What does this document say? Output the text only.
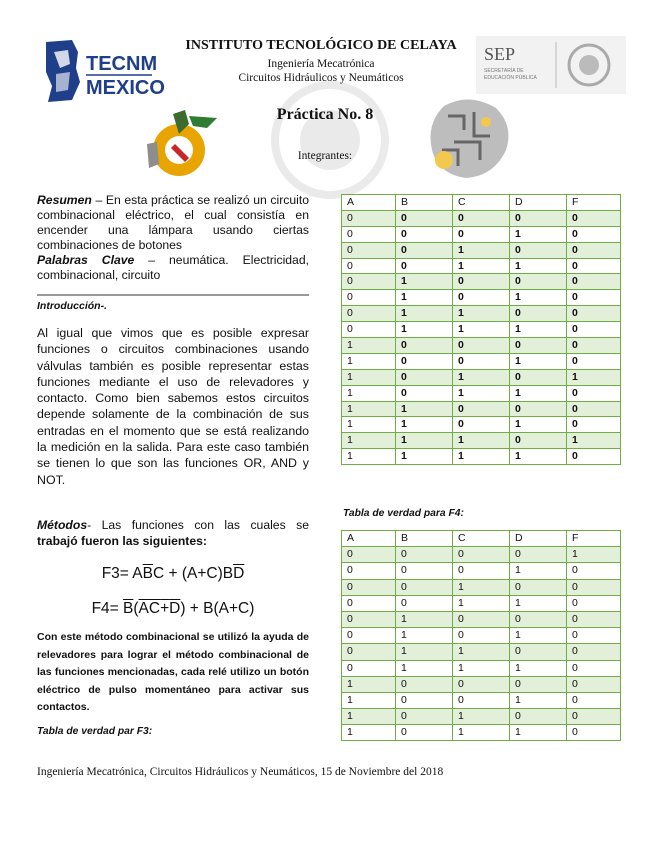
TECNM
MEXICO
INSTITUTO TECNOLÓGICO DE CELAYA
Ingeniería Mecatrónica
Circuitos Hidráulicos y Neumáticos
SEP
SECRETARÍA DE
EDUCACIÓN PÚBLICA
Práctica No. 8
Integrantes:
Resumen – En esta práctica se realizó un circuito combinacional eléctrico, el cual consistía en encender una lámpara usando ciertas combinaciones de botones
Palabras Clave – neumática. Electricidad, combinacional, circuito
Introducción-.
Al igual que vimos que es posible expresar funciones o circuitos combinaciones usando válvulas también es posible representar estas funciones mediante el uso de relevadores y contacto. Como bien sabemos estos circuitos depende solamente de la combinación de sus entradas en el momento que se está realizando la medición en la salida. Para este caso también se tienen lo que son las funciones OR, AND y NOT.
Métodos- Las funciones con las cuales se trabajó fueron las siguientes:
$F3= A\overline{B}C + (A+C)B\overline{D}$
$F4= \overline{B}(AC+D) + B(A+C)$
Con este método combinacional se utilizó la ayuda de relevadores para lograr el método combinacional de las funciones mencionadas, cada relé utilizo un botón eléctrico de pulso momentáneo para activar sus contactos.
Tabla de verdad par F3:
Tabla de verdad para F4:
A	B	C	D	F
0	0	0	0	0
0	0	0	1	0
0	0	1	0	0
0	0	1	1	0
0	1	0	0	0
0	1	0	1	0
0	1	1	0	0
0	1	1	1	0
1	0	0	0	0
1	0	0	1	0
1	0	1	0	1
1	0	1	1	0
1	1	0	0	0
1	1	0	1	0
1	1	1	0	1
1	1	1	1	0
A	B	C	D	F
0	0	0	0	1
0	0	0	1	0
0	0	1	0	0
0	0	1	1	0
0	1	0	0	0
0	1	0	1	0
0	1	1	0	0
0	1	1	1	0
1	0	0	0	0
1	0	0	1	0
1	0	1	0	0
1	0	1	1	0
Ingeniería Mecatrónica, Circuitos Hidráulicos y Neumáticos, 15 de Noviembre del 2018
